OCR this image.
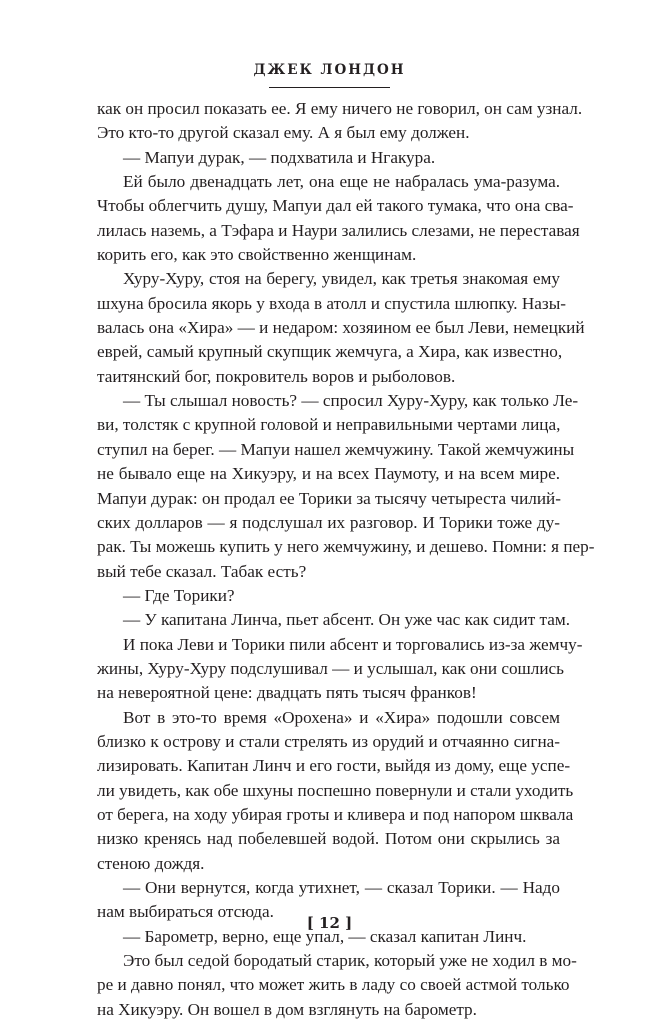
ДЖЕК ЛОНДОН
как он просил показать ее. Я ему ничего не говорил, он сам узнал.
Это кто-то другой сказал ему. А я был ему должен.
— Мапуи дурак, — подхватила и Нгакура.
Ей было двенадцать лет, она еще не набралась ума-разума.
Чтобы облегчить душу, Мапуи дал ей такого тумака, что она сва-
лилась наземь, а Тэфара и Наури залились слезами, не переставая
корить его, как это свойственно женщинам.
Хуру-Хуру, стоя на берегу, увидел, как третья знакомая ему
шхуна бросила якорь у входа в атолл и спустила шлюпку. Назы-
валась она «Хира» — и недаром: хозяином ее был Леви, немецкий
еврей, самый крупный скупщик жемчуга, а Хира, как известно,
таитянский бог, покровитель воров и рыболовов.
— Ты слышал новость? — спросил Хуру-Хуру, как только Ле-
ви, толстяк с крупной головой и неправильными чертами лица,
ступил на берег. — Мапуи нашел жемчужину. Такой жемчужины
не бывало еще на Хикуэру, и на всех Паумоту, и на всем мире.
Мапуи дурак: он продал ее Торики за тысячу четыреста чилий-
ских долларов — я подслушал их разговор. И Торики тоже ду-
рак. Ты можешь купить у него жемчужину, и дешево. Помни: я пер-
вый тебе сказал. Табак есть?
— Где Торики?
— У капитана Линча, пьет абсент. Он уже час как сидит там.
И пока Леви и Торики пили абсент и торговались из-за жемчу-
жины, Хуру-Хуру подслушивал — и услышал, как они сошлись
на невероятной цене: двадцать пять тысяч франков!
Вот в это-то время «Орохена» и «Хира» подошли совсем
близко к острову и стали стрелять из орудий и отчаянно сигна-
лизировать. Капитан Линч и его гости, выйдя из дому, еще успе-
ли увидеть, как обе шхуны поспешно повернули и стали уходить
от берега, на ходу убирая гроты и кливера и под напором шквала
низко кренясь над побелевшей водой. Потом они скрылись за
стеною дождя.
— Они вернутся, когда утихнет, — сказал Торики. — Надо
нам выбираться отсюда.
— Барометр, верно, еще упал, — сказал капитан Линч.
Это был седой бородатый старик, который уже не ходил в мо-
ре и давно понял, что может жить в ладу со своей астмой только
на Хикуэру. Он вошел в дом взглянуть на барометр.
[ 12 ]
